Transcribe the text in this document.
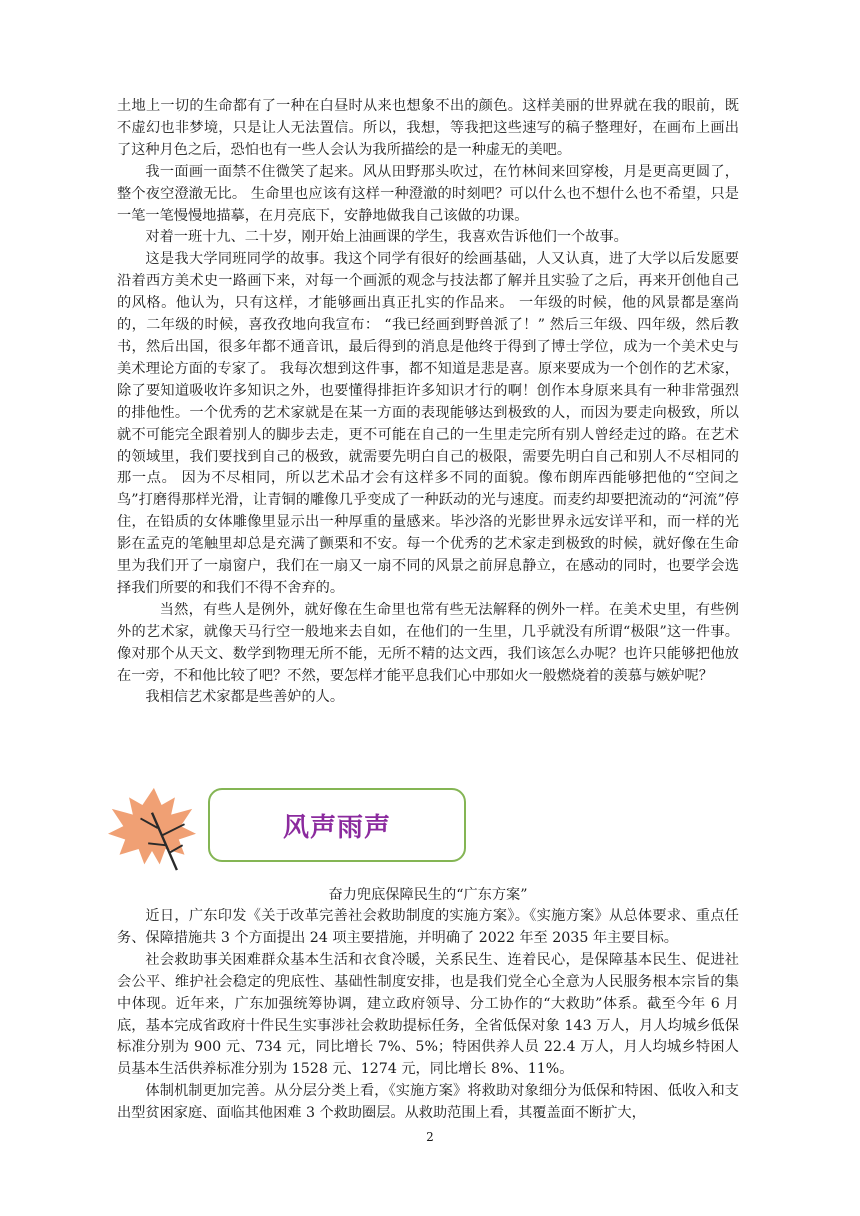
土地上一切的生命都有了一种在白昼时从来也想象不出的颜色。这样美丽的世界就在我的眼前，既不虚幻也非梦境，只是让人无法置信。所以，我想，等我把这些速写的稿子整理好，在画布上画出了这种月色之后，恐怕也有一些人会认为我所描绘的是一种虚无的美吧。

我一面画一面禁不住微笑了起来。风从田野那头吹过，在竹林间来回穿梭，月是更高更圆了，整个夜空澄澈无比。 生命里也应该有这样一种澄澈的时刻吧？可以什么也不想什么也不希望，只是一笔一笔慢慢地描摹，在月亮底下，安静地做我自己该做的功课。

对着一班十九、二十岁，刚开始上油画课的学生，我喜欢告诉他们一个故事。

这是我大学同班同学的故事。我这个同学有很好的绘画基础，人又认真，进了大学以后发愿要沿着西方美术史一路画下来，对每一个画派的观念与技法都了解并且实验了之后，再来开创他自己的风格。他认为，只有这样，才能够画出真正扎实的作品来。 一年级的时候，他的风景都是塞尚的，二年级的时候，喜孜孜地向我宣布： “我已经画到野兽派了！” 然后三年级、四年级，然后教书，然后出国，很多年都不通音讯，最后得到的消息是他终于得到了博士学位，成为一个美术史与美术理论方面的专家了。 我每次想到这件事，都不知道是悲是喜。原来要成为一个创作的艺术家，除了要知道吸收许多知识之外，也要懂得排拒许多知识才行的啊！创作本身原来具有一种非常强烈的排他性。一个优秀的艺术家就是在某一方面的表现能够达到极致的人，而因为要走向极致，所以就不可能完全跟着别人的脚步去走，更不可能在自己的一生里走完所有别人曾经走过的路。在艺术的领域里，我们要找到自己的极致，就需要先明白自己的极限，需要先明白自己和别人不尽相同的那一点。 因为不尽相同，所以艺术品才会有这样多不同的面貌。像布朗库西能够把他的“空间之鸟”打磨得那样光滑，让青铜的雕像几乎变成了一种跃动的光与速度。而麦约却要把流动的“河流”停住，在铅质的女体雕像里显示出一种厚重的量感来。毕沙洛的光影世界永远安详平和，而一样的光影在孟克的笔触里却总是充满了颤栗和不安。每一个优秀的艺术家走到极致的时候，就好像在生命里为我们开了一扇窗户，我们在一扇又一扇不同的风景之前屏息静立，在感动的同时，也要学会选择我们所要的和我们不得不舍弃的。

当然，有些人是例外，就好像在生命里也常有些无法解释的例外一样。在美术史里，有些例外的艺术家，就像天马行空一般地来去自如，在他们的一生里，几乎就没有所谓“极限”这一件事。像对那个从天文、数学到物理无所不能，无所不精的达文西，我们该怎么办呢？也许只能够把他放在一旁，不和他比较了吧？不然，要怎样才能平息我们心中那如火一般燃烧着的羡慕与嫉妒呢？

我相信艺术家都是些善妒的人。

风声雨声
奋力兜底保障民生的“广东方案”

近日，广东印发《关于改革完善社会救助制度的实施方案》。《实施方案》从总体要求、重点任务、保障措施共 3 个方面提出 24 项主要措施，并明确了 2022 年至 2035 年主要目标。

社会救助事关困难群众基本生活和衣食冷暖，关系民生、连着民心，是保障基本民生、促进社会公平、维护社会稳定的兜底性、基础性制度安排，也是我们党全心全意为人民服务根本宗旨的集中体现。近年来，广东加强统筹协调，建立政府领导、分工协作的“大救助”体系。截至今年 6 月底，基本完成省政府十件民生实事涉社会救助提标任务，全省低保对象 143 万人，月人均城乡低保标准分别为 900 元、734 元，同比增长 7%、5%；特困供养人员 22.4 万人，月人均城乡特困人员基本生活供养标准分别为 1528 元、1274 元，同比增长 8%、11%。

体制机制更加完善。从分层分类上看，《实施方案》将救助对象细分为低保和特困、低收入和支出型贫困家庭、面临其他困难 3 个救助圈层。从救助范围上看，其覆盖面不断扩大，

2
